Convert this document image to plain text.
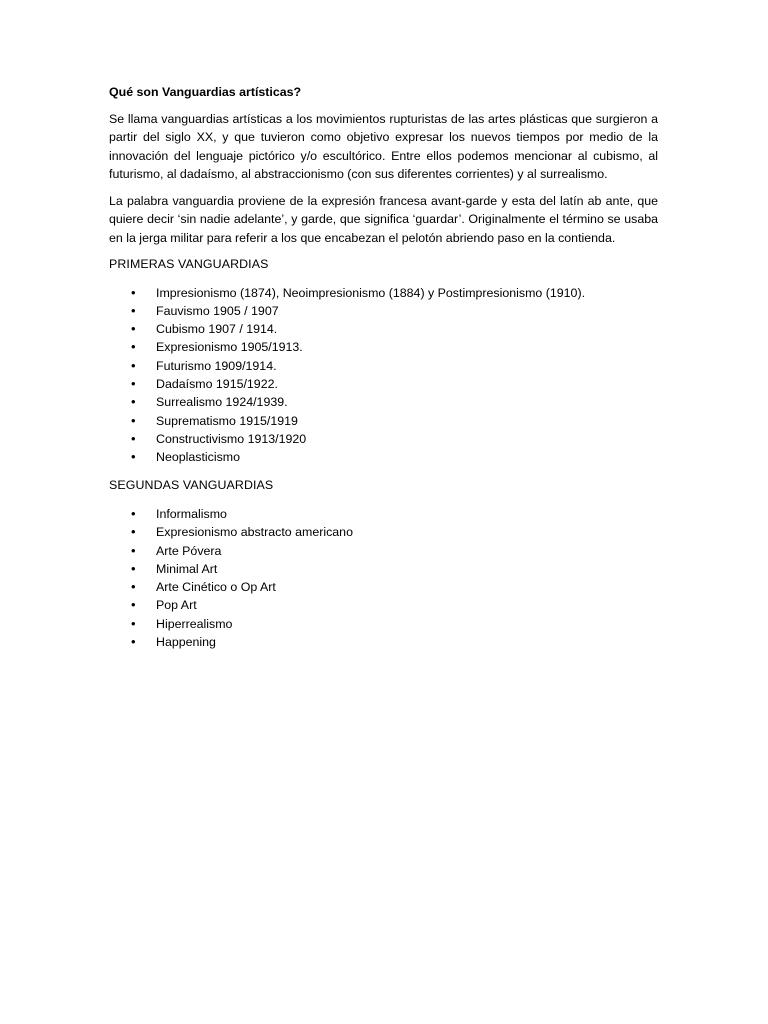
Qué son Vanguardias artísticas?

Se llama vanguardias artísticas a los movimientos rupturistas de las artes plásticas que surgieron a partir del siglo XX, y que tuvieron como objetivo expresar los nuevos tiempos por medio de la innovación del lenguaje pictórico y/o escultórico. Entre ellos podemos mencionar al cubismo, al futurismo, al dadaísmo, al abstraccionismo (con sus diferentes corrientes) y al surrealismo.

La palabra vanguardia proviene de la expresión francesa avant-garde y esta del latín ab ante, que quiere decir ‘sin nadie adelante’, y garde, que significa ‘guardar’. Originalmente el término se usaba en la jerga militar para referir a los que encabezan el pelotón abriendo paso en la contienda.

PRIMERAS VANGUARDIAS

• Impresionismo (1874), Neoimpresionismo (1884) y Postimpresionismo (1910).
• Fauvismo 1905 / 1907
• Cubismo 1907 / 1914.
• Expresionismo 1905/1913.
• Futurismo 1909/1914.
• Dadaísmo 1915/1922.
• Surrealismo 1924/1939.
• Suprematismo 1915/1919
• Constructivismo 1913/1920
• Neoplasticismo

SEGUNDAS VANGUARDIAS

• Informalismo
• Expresionismo abstracto americano
• Arte Póvera
• Minimal Art
• Arte Cinético o Op Art
• Pop Art
• Hiperrealismo
• Happening
